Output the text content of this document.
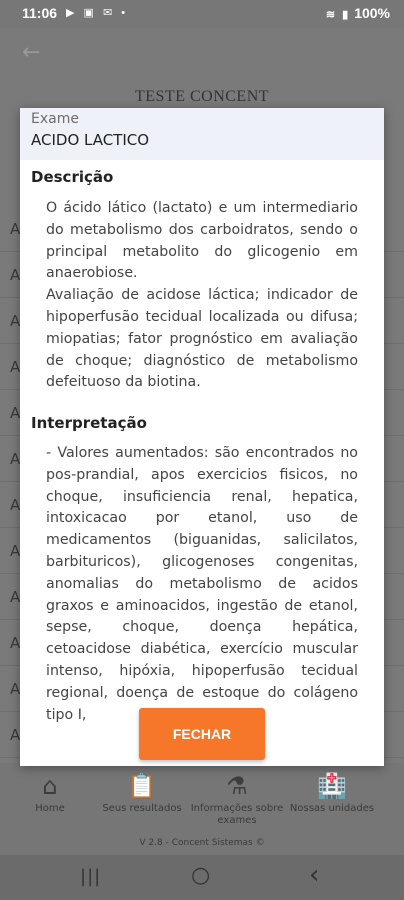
11:06 ▶ ▣ ✉ •	≋ ▮ 100%
←
TESTE CONCENT
A
A
A
A
A
A
A
A
A
A
A
A
⌂
Home
📋
Seus resultados
⚗
Informações sobre exames
🏥
Nossas unidades
V 2.8 - Concent Sistemas ©
|||	○	‹
Exame
ACIDO LACTICO
Descrição
O ácido lático (lactato) e um intermediario do metabolismo dos carboidratos, sendo o principal metabolito do glicogenio em anaerobiose.
Avaliação de acidose láctica; indicador de hipoperfusão tecidual localizada ou difusa; miopatias; fator prognóstico em avaliação de choque; diagnóstico de metabolismo defeituoso da biotina.
Interpretação
- Valores aumentados: são encontrados no pos-prandial, apos exercicios fisicos, no choque, insuficiencia renal, hepatica, intoxicacao por etanol, uso de medicamentos (biguanidas, salicilatos, barbituricos), glicogenoses congenitas, anomalias do metabolismo de acidos graxos e aminoacidos, ingestão de etanol, sepse, choque, doença hepática, cetoacidose diabética, exercício muscular intenso, hipóxia, hipoperfusão tecidual regional, doença de estoque do colágeno tipo I,
FECHAR
